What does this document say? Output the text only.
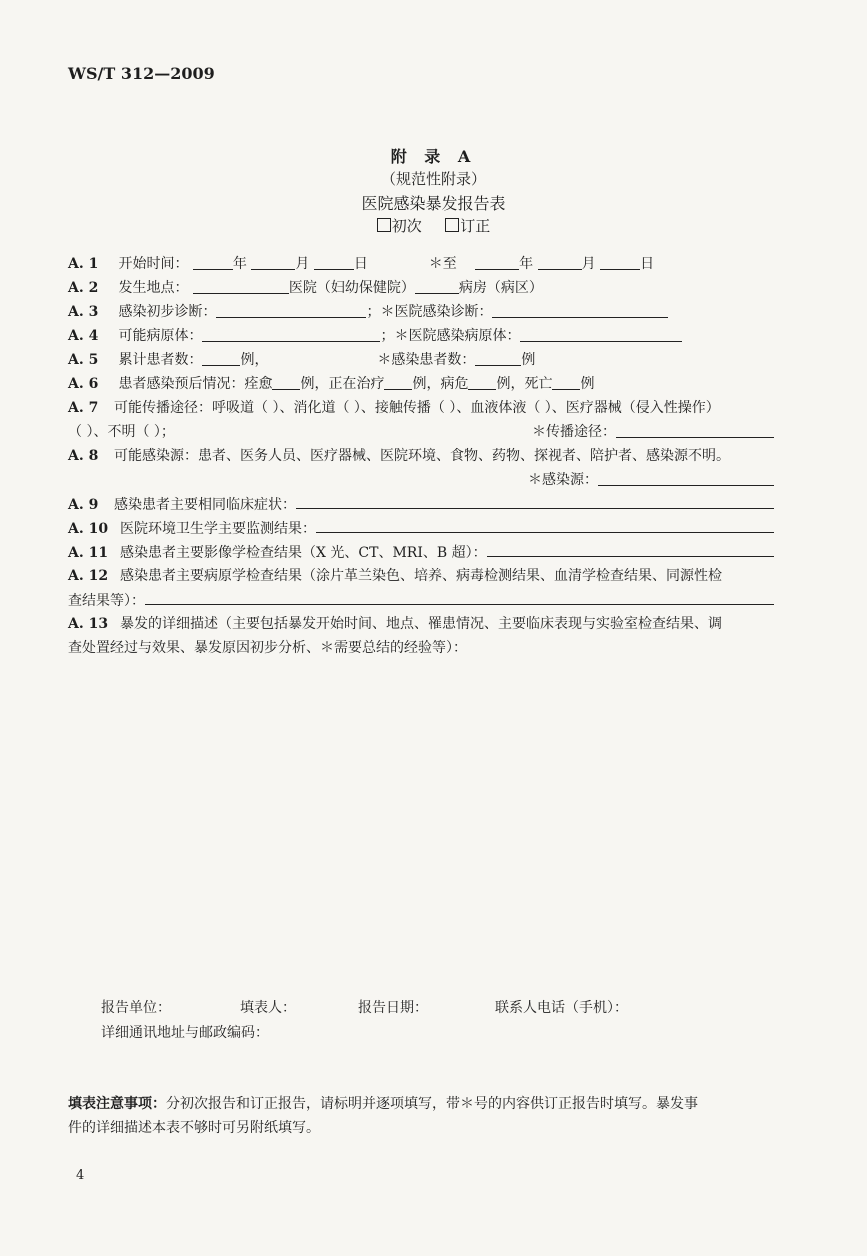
WS/T 312—2009
附 录 A
（规范性附录）
医院感染暴发报告表
初次	订正
A. 1 开始时间：	年	月	日	＊至	年	月	日
A. 2 发生地点：	医院（妇幼保健院）	病房（病区）
A. 3 感染初步诊断：	；＊医院感染诊断：
A. 4 可能病原体：	；＊医院感染病原体：
A. 5 累计患者数：	例，	＊感染患者数：	例
A. 6 患者感染预后情况：痊愈 例，正在治疗 例，病危 例，死亡 例
A. 7 可能传播途径：呼吸道（ ）、消化道（ ）、接触传播（ ）、血液体液（ ）、医疗器械（侵入性操作）
（ ）、不明（ ）；	＊传播途径：
A. 8 可能感染源：患者、医务人员、医疗器械、医院环境、食物、药物、探视者、陪护者、感染源不明。
＊感染源：
A. 9	感染患者主要相同临床症状：
A. 10 医院环境卫生学主要监测结果：
A. 11 感染患者主要影像学检查结果（X 光、CT、MRI、B 超）：
A. 12 感染患者主要病原学检查结果（涂片革兰染色、培养、病毒检测结果、血清学检查结果、同源性检
查结果等）：
A. 13 暴发的详细描述（主要包括暴发开始时间、地点、罹患情况、主要临床表现与实验室检查结果、调
查处置经过与效果、暴发原因初步分析、＊需要总结的经验等）：
报告单位：	填表人：	报告日期：	联系人电话（手机）：
详细通讯地址与邮政编码：
填表注意事项：分初次报告和订正报告，请标明并逐项填写，带＊号的内容供订正报告时填写。暴发事
件的详细描述本表不够时可另附纸填写。
4
